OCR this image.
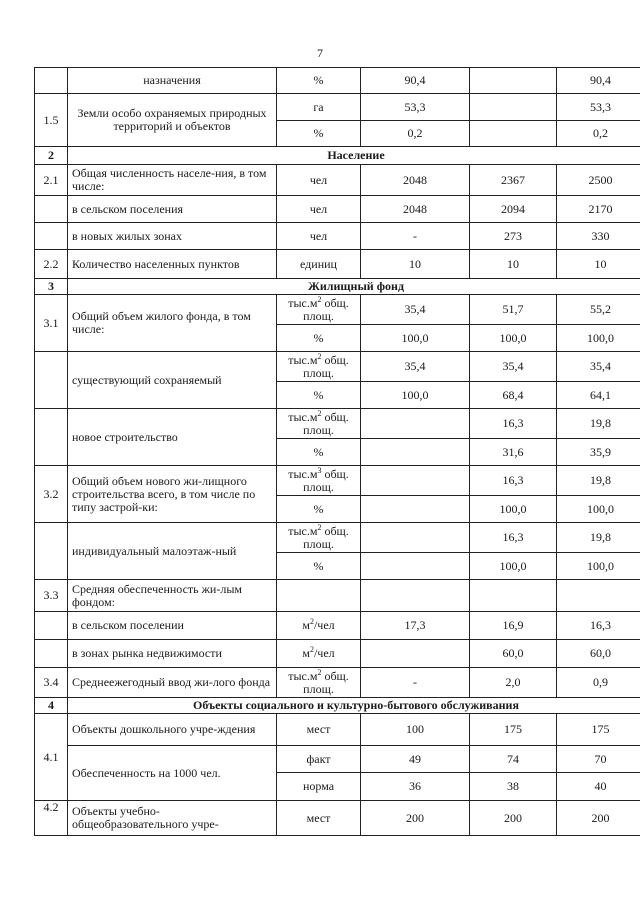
7
	назначения	%	90,4		90,4
1.5	Земли особо охраняемых природных территорий и объектов	га	53,3		53,3
		%	0,2		0,2
2	Население				
2.1	Общая численность населе-ния, в том числе:	чел	2048	2367	2500
	в сельском поселения	чел	2048	2094	2170
	в новых жилых зонах	чел	-	273	330
2.2	Количество населенных пунктов	единиц	10	10	10
3	Жилищный фонд				
3.1	Общий объем жилого фонда, в том числе:	$тыс.м^2$ общ. площ.	35,4	51,7	55,2
		%	100,0	100,0	100,0
	существующий сохраняемый	$тыс.м^2$ общ. площ.	35,4	35,4	35,4
		%	100,0	68,4	64,1
	новое строительство	$тыс.м^2$ общ. площ.		16,3	19,8
		%		31,6	35,9
3.2	Общий объем нового жи-лищного строительства всего, в том числе по типу застрой-ки:	$тыс.м^3$ общ. площ.		16,3	19,8
		%		100,0	100,0
	индивидуальный малоэтаж-ный	$тыс.м^2$ общ. площ.		16,3	19,8
		%		100,0	100,0
3.3	Средняя обеспеченность жи-лым фондом:				
	в сельском поселении	$м^2$/чел	17,3	16,9	16,3
	в зонах рынка недвижимости	$м^2$/чел		60,0	60,0
3.4	Среднеежегодный ввод жи-лого фонда	$тыс.м^2$ общ. площ.	-	2,0	0,9
4	Объекты социального и культурно-бытового обслуживания				
4.1	Объекты дошкольного учре-ждения	мест	100	175	175
	Обеспеченность на 1000 чел.	факт	49	74	70
		норма	36	38	40
4.2	Объекты учебно-общеобразовательного учре-	мест	200	200	200
